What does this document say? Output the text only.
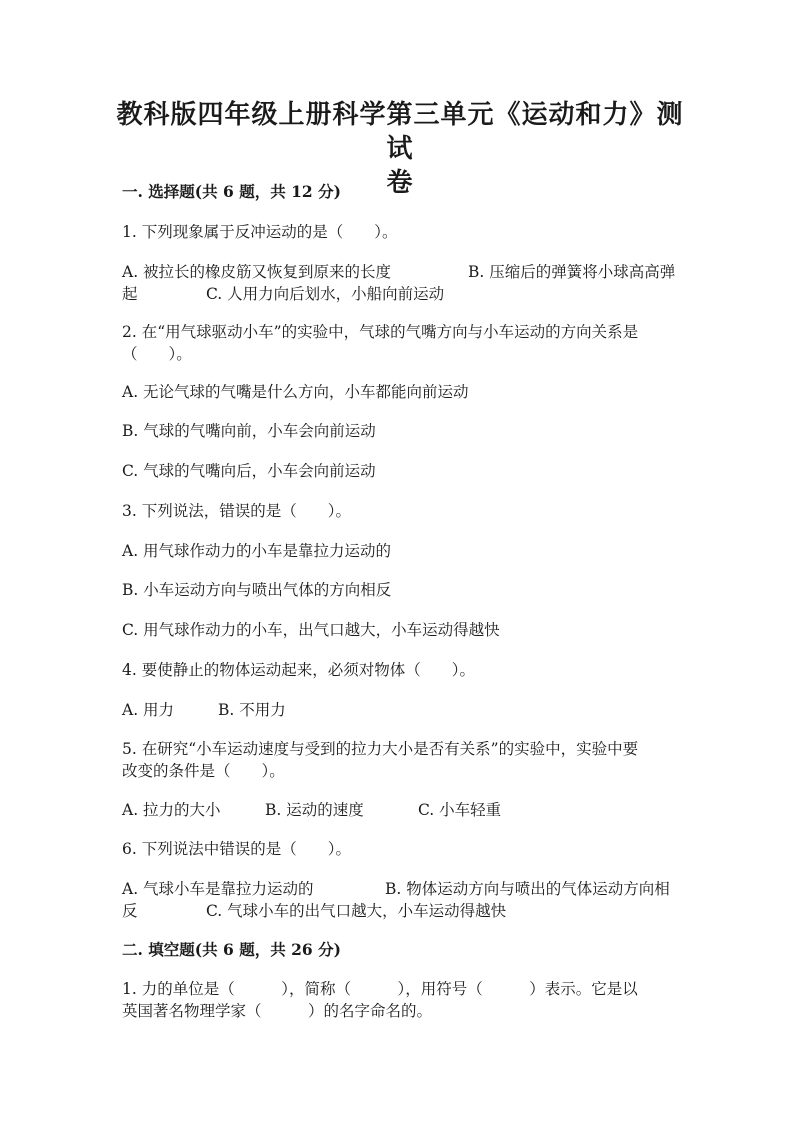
教科版四年级上册科学第三单元《运动和力》测试
卷
一. 选择题(共 6 题，共 12 分)
1. 下列现象属于反冲运动的是（　　）。
A. 被拉长的橡皮筋又恢复到原来的长度	B. 压缩后的弹簧将小球高高弹
起	C. 人用力向后划水，小船向前运动
2. 在“用气球驱动小车”的实验中，气球的气嘴方向与小车运动的方向关系是
（　　）。
A. 无论气球的气嘴是什么方向，小车都能向前运动
B. 气球的气嘴向前，小车会向前运动
C. 气球的气嘴向后，小车会向前运动
3. 下列说法，错误的是（　　）。
A. 用气球作动力的小车是靠拉力运动的
B. 小车运动方向与喷出气体的方向相反
C. 用气球作动力的小车，出气口越大，小车运动得越快
4. 要使静止的物体运动起来，必须对物体（　　）。
A. 用力	B. 不用力
5. 在研究“小车运动速度与受到的拉力大小是否有关系”的实验中，实验中要
改变的条件是（　　）。
A. 拉力的大小	B. 运动的速度	C. 小车轻重
6. 下列说法中错误的是（　　）。
A. 气球小车是靠拉力运动的	B. 物体运动方向与喷出的气体运动方向相
反	C. 气球小车的出气口越大，小车运动得越快
二. 填空题(共 6 题，共 26 分)
1. 力的单位是（　　　），简称（　　　），用符号（　　　）表示。它是以
英国著名物理学家（　　　）的名字命名的。
